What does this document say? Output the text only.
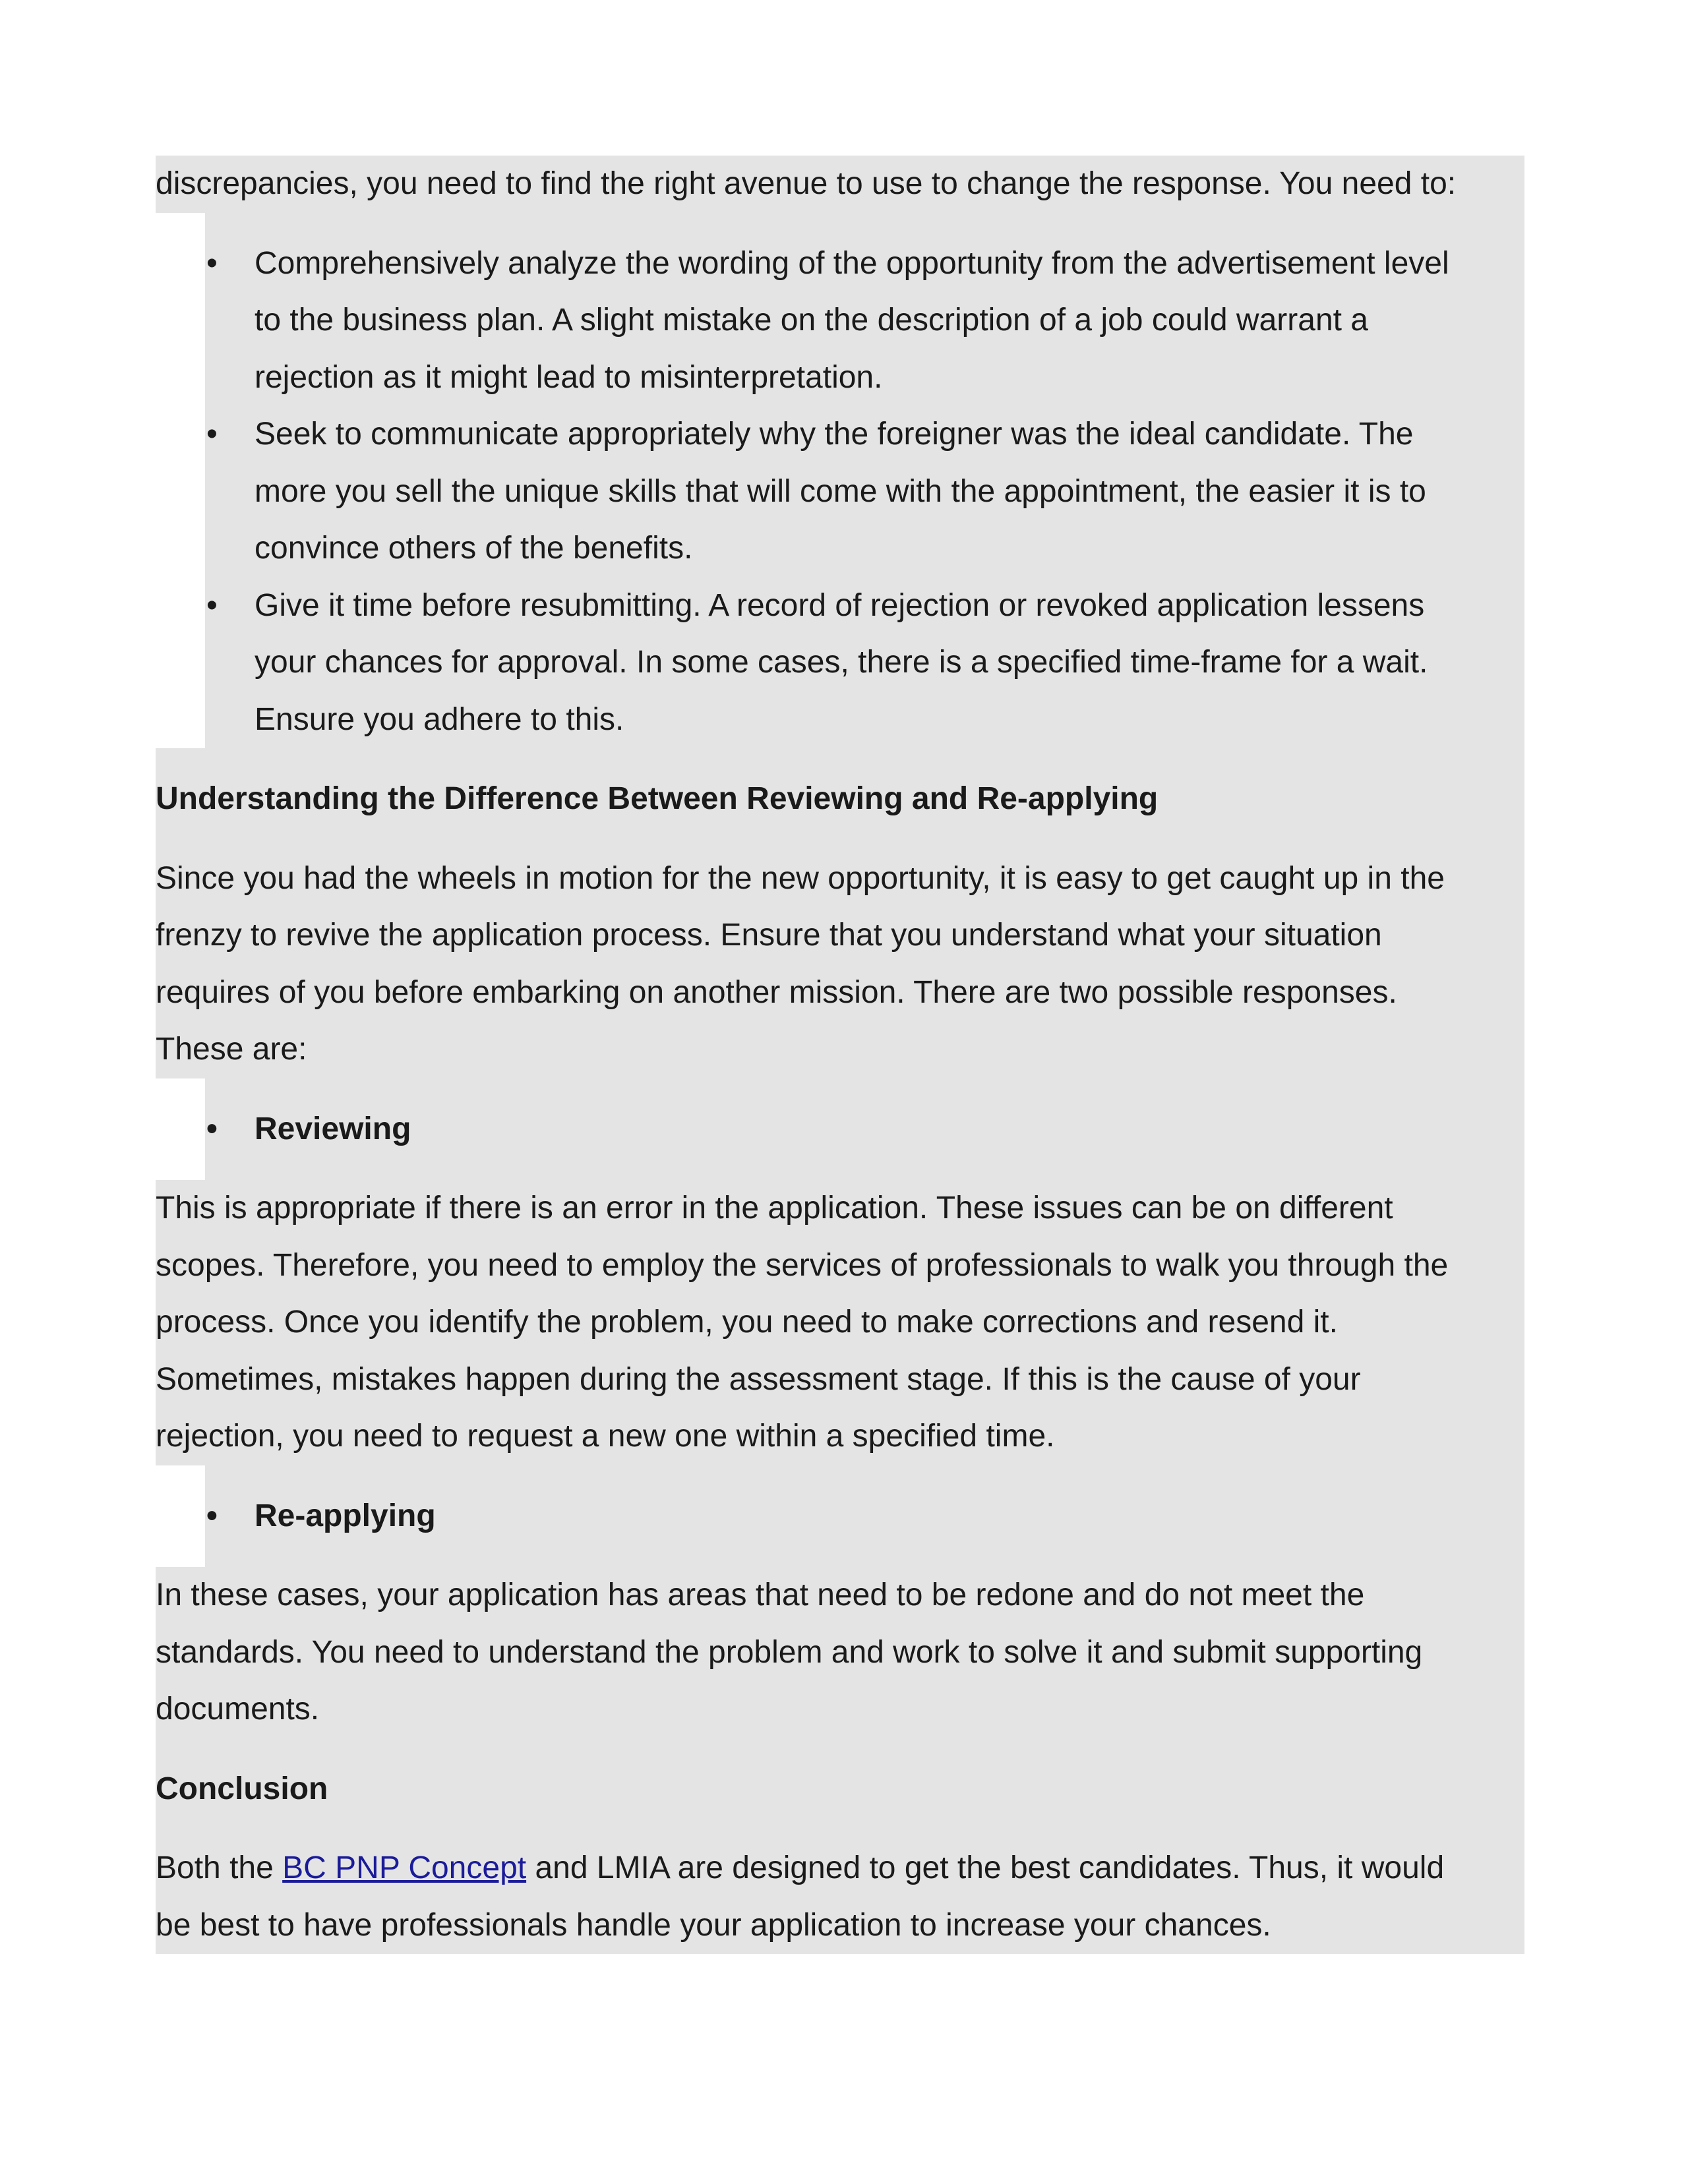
discrepancies, you need to find the right avenue to use to change the response. You need to:
•	Comprehensively analyze the wording of the opportunity from the advertisement level
to the business plan. A slight mistake on the description of a job could warrant a
rejection as it might lead to misinterpretation.
•	Seek to communicate appropriately why the foreigner was the ideal candidate. The
more you sell the unique skills that will come with the appointment, the easier it is to
convince others of the benefits.
•	Give it time before resubmitting. A record of rejection or revoked application lessens
your chances for approval. In some cases, there is a specified time-frame for a wait.
Ensure you adhere to this.
Understanding the Difference Between Reviewing and Re-applying
Since you had the wheels in motion for the new opportunity, it is easy to get caught up in the
frenzy to revive the application process. Ensure that you understand what your situation
requires of you before embarking on another mission. There are two possible responses.
These are:
•	Reviewing
This is appropriate if there is an error in the application. These issues can be on different
scopes. Therefore, you need to employ the services of professionals to walk you through the
process. Once you identify the problem, you need to make corrections and resend it.
Sometimes, mistakes happen during the assessment stage. If this is the cause of your
rejection, you need to request a new one within a specified time.
•	Re-applying
In these cases, your application has areas that need to be redone and do not meet the
standards. You need to understand the problem and work to solve it and submit supporting
documents.
Conclusion
Both the BC PNP Concept and LMIA are designed to get the best candidates. Thus, it would
be best to have professionals handle your application to increase your chances.
